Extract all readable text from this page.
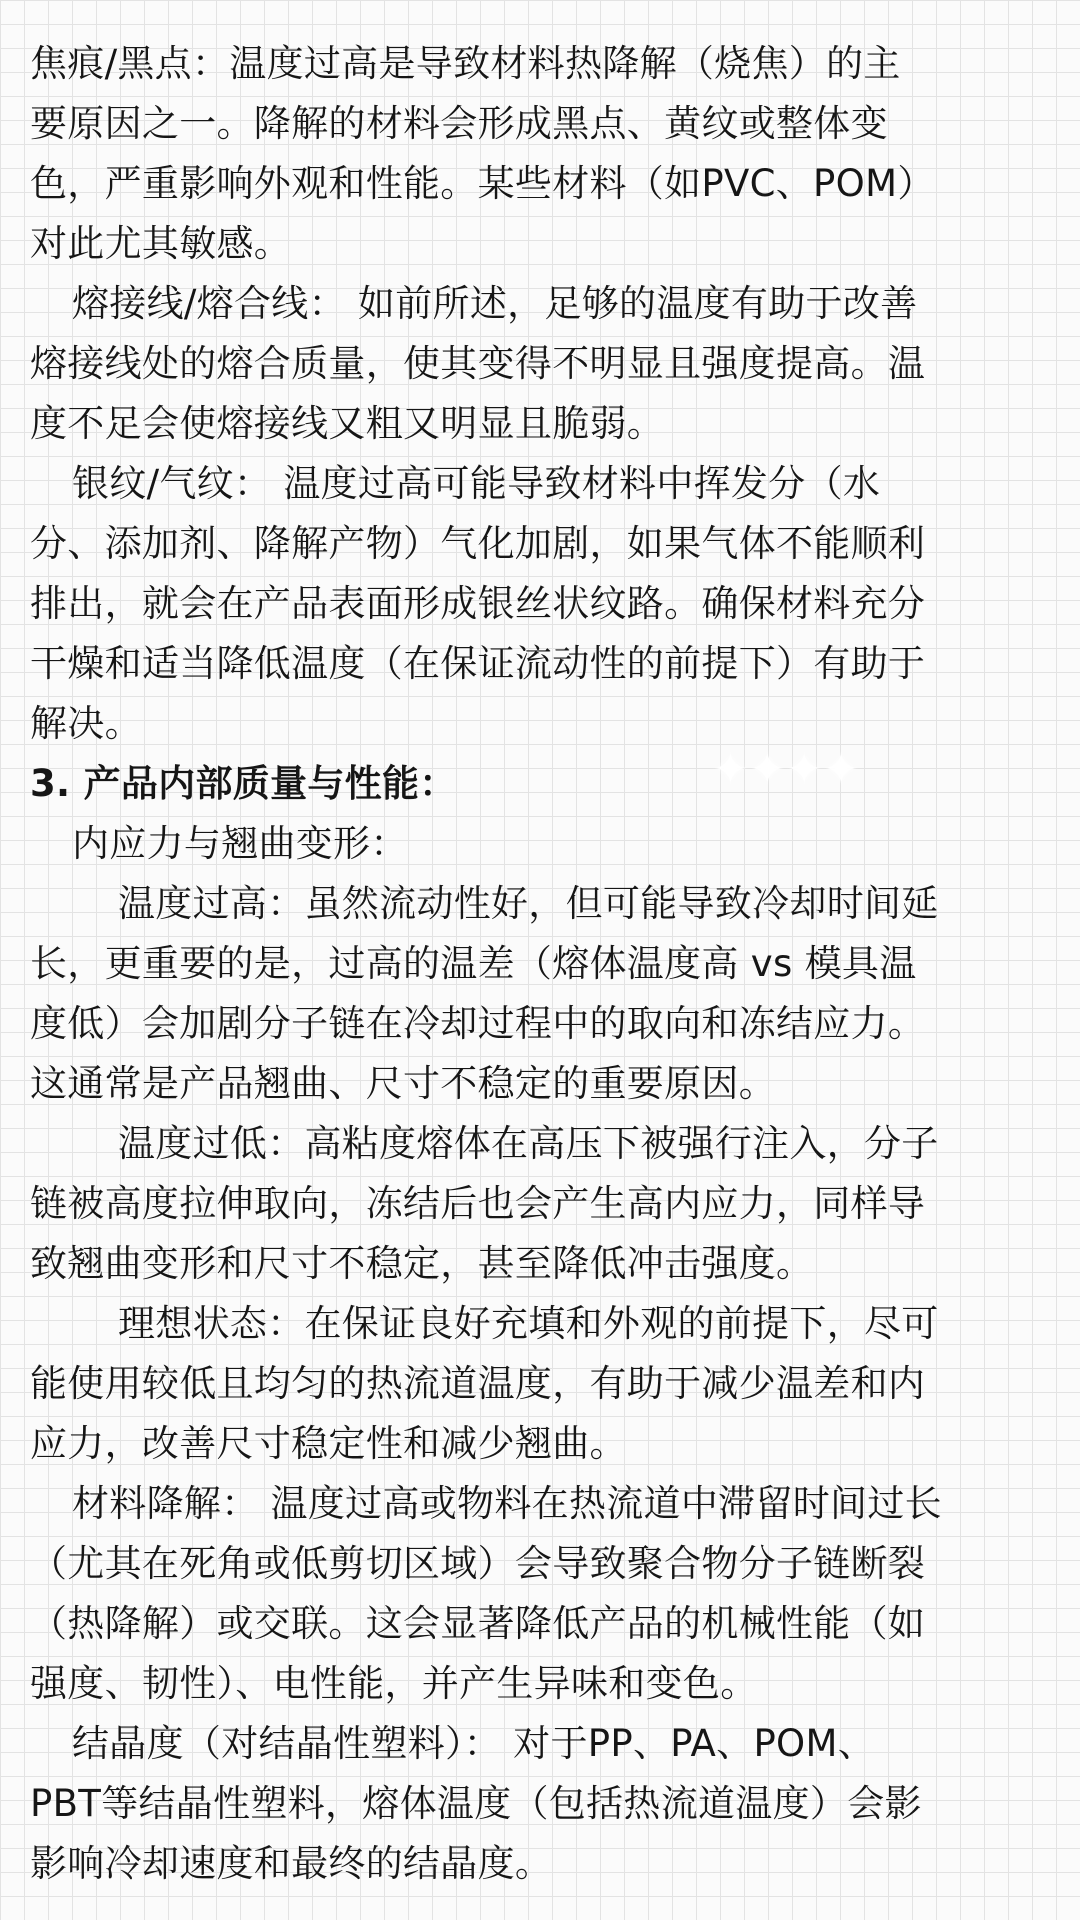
焦痕/黑点：温度过高是导致材料热降解（烧焦）的主
要原因之一。降解的材料会形成黑点、黄纹或整体变
色，严重影响外观和性能。某些材料（如PVC、POM）
对此尤其敏感。
熔接线/熔合线： 如前所述，足够的温度有助于改善
熔接线处的熔合质量，使其变得不明显且强度提高。温
度不足会使熔接线又粗又明显且脆弱。
银纹/气纹： 温度过高可能导致材料中挥发分（水
分、添加剂、降解产物）气化加剧，如果气体不能顺利
排出，就会在产品表面形成银丝状纹路。确保材料充分
干燥和适当降低温度（在保证流动性的前提下）有助于
解决。
3. 产品内部质量与性能：
内应力与翘曲变形：
温度过高：虽然流动性好，但可能导致冷却时间延
长，更重要的是，过高的温差（熔体温度高 vs 模具温
度低）会加剧分子链在冷却过程中的取向和冻结应力。
这通常是产品翘曲、尺寸不稳定的重要原因。
温度过低：高粘度熔体在高压下被强行注入，分子
链被高度拉伸取向，冻结后也会产生高内应力，同样导
致翘曲变形和尺寸不稳定，甚至降低冲击强度。
理想状态：在保证良好充填和外观的前提下，尽可
能使用较低且均匀的热流道温度，有助于减少温差和内
应力，改善尺寸稳定性和减少翘曲。
材料降解： 温度过高或物料在热流道中滞留时间过长
（尤其在死角或低剪切区域）会导致聚合物分子链断裂
（热降解）或交联。这会显著降低产品的机械性能（如
强度、韧性）、电性能，并产生异味和变色。
结晶度（对结晶性塑料）： 对于PP、PA、POM、
PBT等结晶性塑料，熔体温度（包括热流道温度）会影
影响冷却速度和最终的结晶度。
✦✦✦✦
